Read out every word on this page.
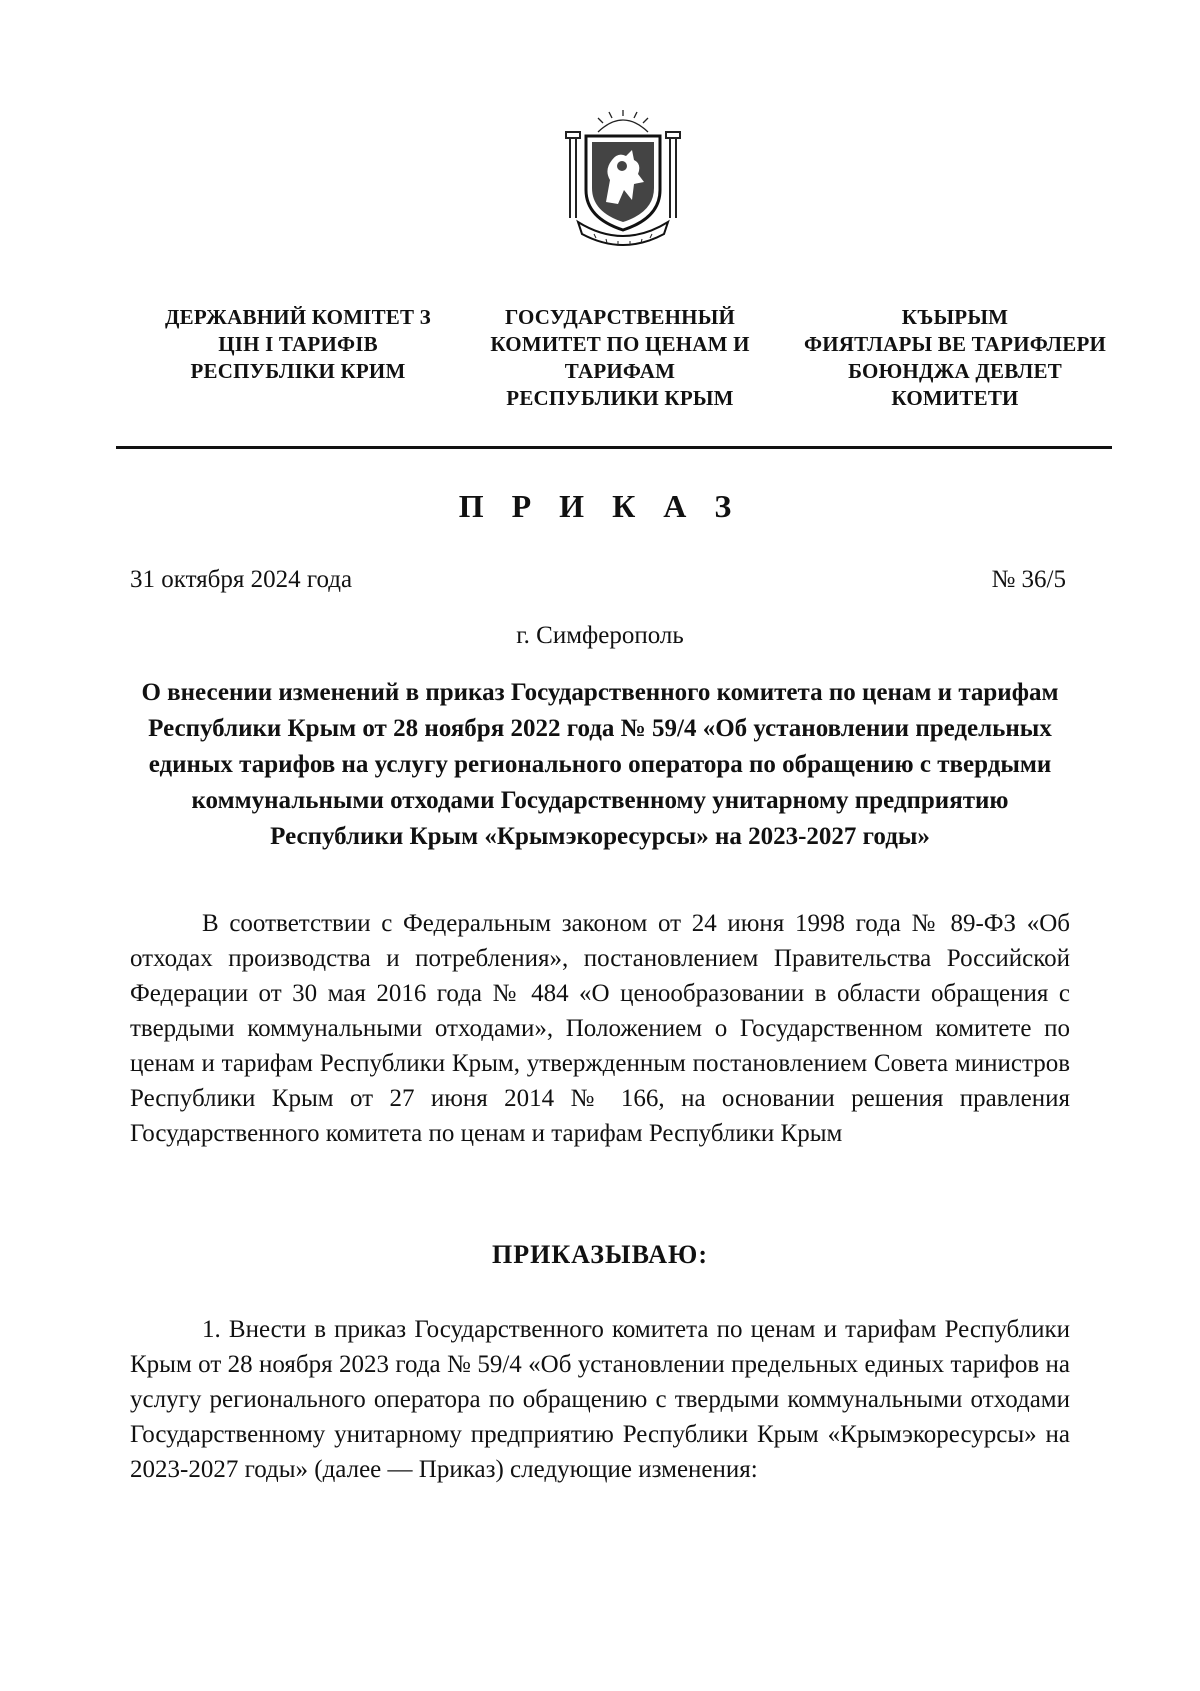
ДЕРЖАВНИЙ КОМІТЕТ З
ЦІН І ТАРИФІВ
РЕСПУБЛІКИ КРИМ
ГОСУДАРСТВЕННЫЙ
КОМИТЕТ ПО ЦЕНАМ И
ТАРИФАМ
РЕСПУБЛИКИ КРЫМ
КЪЫРЫМ
ФИЯТЛАРЫ ВЕ ТАРИФЛЕРИ
БОЮНДЖА ДЕВЛЕТ
КОМИТЕТИ
П Р И К А З
31 октября 2024 года	№ 36/5
г. Симферополь
О внесении изменений в приказ Государственного комитета по ценам и тарифам Республики Крым от 28 ноября 2022 года № 59/4 «Об установлении предельных единых тарифов на услугу регионального оператора по обращению с твердыми коммунальными отходами Государственному унитарному предприятию Республики Крым «Крымэкоресурсы» на 2023-2027 годы»

В соответствии с Федеральным законом от 24 июня 1998 года № 89-ФЗ «Об отходах производства и потребления», постановлением Правительства Российской Федерации от 30 мая 2016 года № 484 «О ценообразовании в области обращения с твердыми коммунальными отходами», Положением о Государственном комитете по ценам и тарифам Республики Крым, утвержденным постановлением Совета министров Республики Крым от 27 июня 2014 № 166, на основании решения правления Государственного комитета по ценам и тарифам Республики Крым

ПРИКАЗЫВАЮ:

1. Внести в приказ Государственного комитета по ценам и тарифам Республики Крым от 28 ноября 2023 года № 59/4 «Об установлении предельных единых тарифов на услугу регионального оператора по обращению с твердыми коммунальными отходами Государственному унитарному предприятию Республики Крым «Крымэкоресурсы» на 2023-2027 годы» (далее — Приказ) следующие изменения:
